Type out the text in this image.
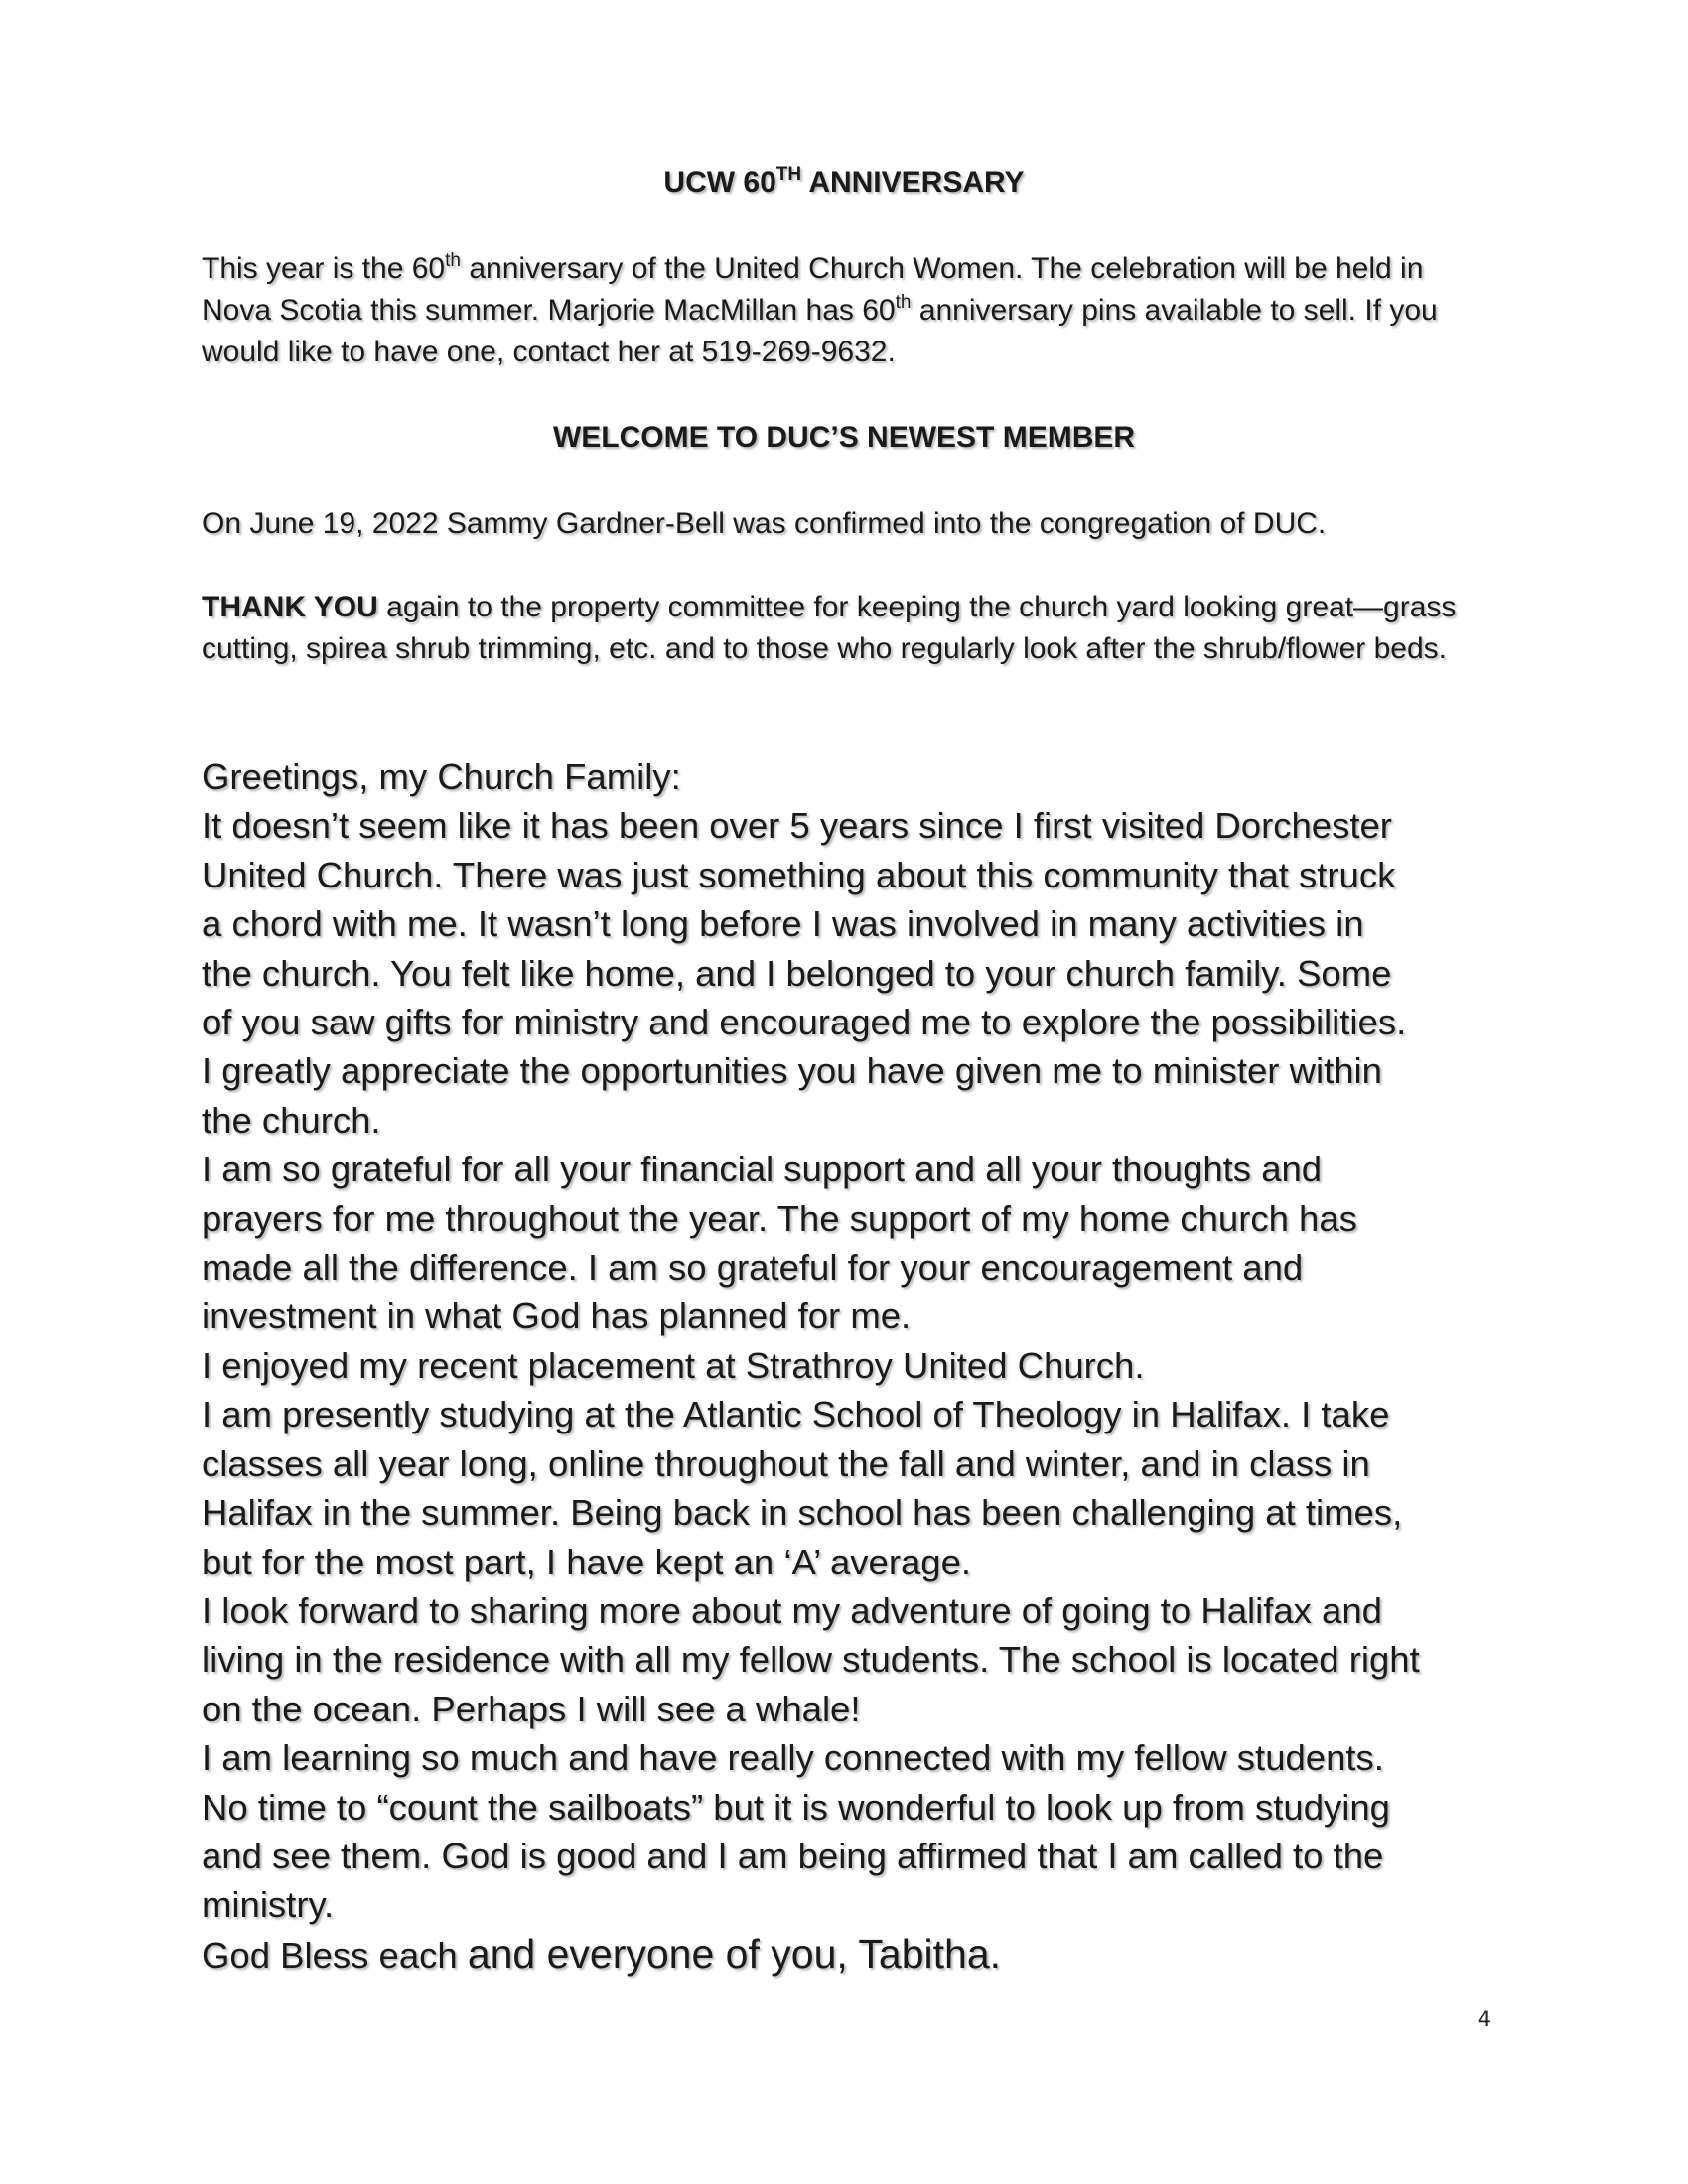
UCW 60TH ANNIVERSARY

This year is the 60th anniversary of the United Church Women. The celebration will be held in Nova Scotia this summer. Marjorie MacMillan has 60th anniversary pins available to sell. If you would like to have one, contact her at 519-269-9632.

WELCOME TO DUC’S NEWEST MEMBER

On June 19, 2022 Sammy Gardner-Bell was confirmed into the congregation of DUC.

THANK YOU again to the property committee for keeping the church yard looking great—grass cutting, spirea shrub trimming, etc. and to those who regularly look after the shrub/flower beds.

Greetings, my Church Family:
It doesn’t seem like it has been over 5 years since I first visited Dorchester
United Church. There was just something about this community that struck
a chord with me. It wasn’t long before I was involved in many activities in
the church. You felt like home, and I belonged to your church family. Some
of you saw gifts for ministry and encouraged me to explore the possibilities.
I greatly appreciate the opportunities you have given me to minister within
the church.
I am so grateful for all your financial support and all your thoughts and
prayers for me throughout the year. The support of my home church has
made all the difference. I am so grateful for your encouragement and
investment in what God has planned for me.
I enjoyed my recent placement at Strathroy United Church.
I am presently studying at the Atlantic School of Theology in Halifax. I take
classes all year long, online throughout the fall and winter, and in class in
Halifax in the summer. Being back in school has been challenging at times,
but for the most part, I have kept an ‘A’ average.
I look forward to sharing more about my adventure of going to Halifax and
living in the residence with all my fellow students. The school is located right
on the ocean. Perhaps I will see a whale!
I am learning so much and have really connected with my fellow students.
No time to “count the sailboats” but it is wonderful to look up from studying
and see them. God is good and I am being affirmed that I am called to the
ministry.
God Bless each and everyone of you, Tabitha.
4
